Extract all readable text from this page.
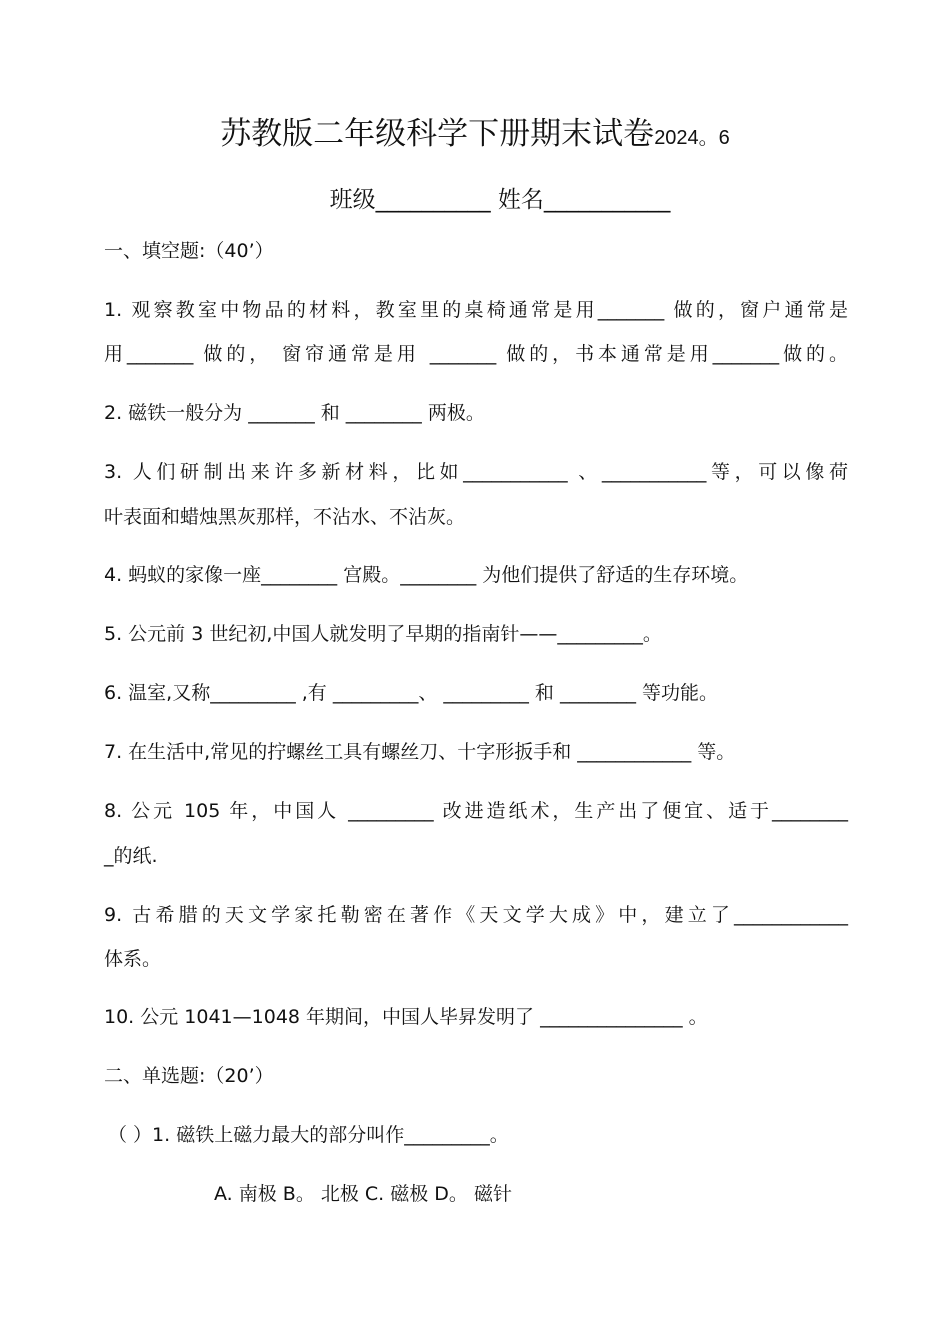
苏教版二年级科学下册期末试卷2024。6
班级__________ 姓名___________
一、填空题:（40’）
1. 观察教室中物品的材料，教室里的桌椅通常是用_______ 做的，窗户通常是
用_______ 做的， 窗帘通常是用 _______ 做的，书本通常是用_______做的。
2. 磁铁一般分为 _______ 和 ________ 两极。
3. 人们研制出来许多新材料，比如___________ 、___________等，可以像荷
叶表面和蜡烛黑灰那样，不沾水、不沾灰。
4. 蚂蚁的家像一座________ 宫殿。________ 为他们提供了舒适的生存环境。
5. 公元前 3 世纪初,中国人就发明了早期的指南针——_________。
6. 温室,又称_________ ,有 _________、 _________ 和 ________ 等功能。
7. 在生活中,常见的拧螺丝工具有螺丝刀、十字形扳手和 ____________ 等。
8. 公元 105 年，中国人 _________ 改进造纸术，生产出了便宜、适于________
_的纸.
9. 古希腊的天文学家托勒密在著作《天文学大成》中，建立了____________
体系。
10. 公元 1041—1048 年期间，中国人毕昇发明了 _______________ 。
二、单选题:（20’）
（ ）1. 磁铁上磁力最大的部分叫作_________。
A. 南极 B。 北极 C. 磁极 D。 磁针
